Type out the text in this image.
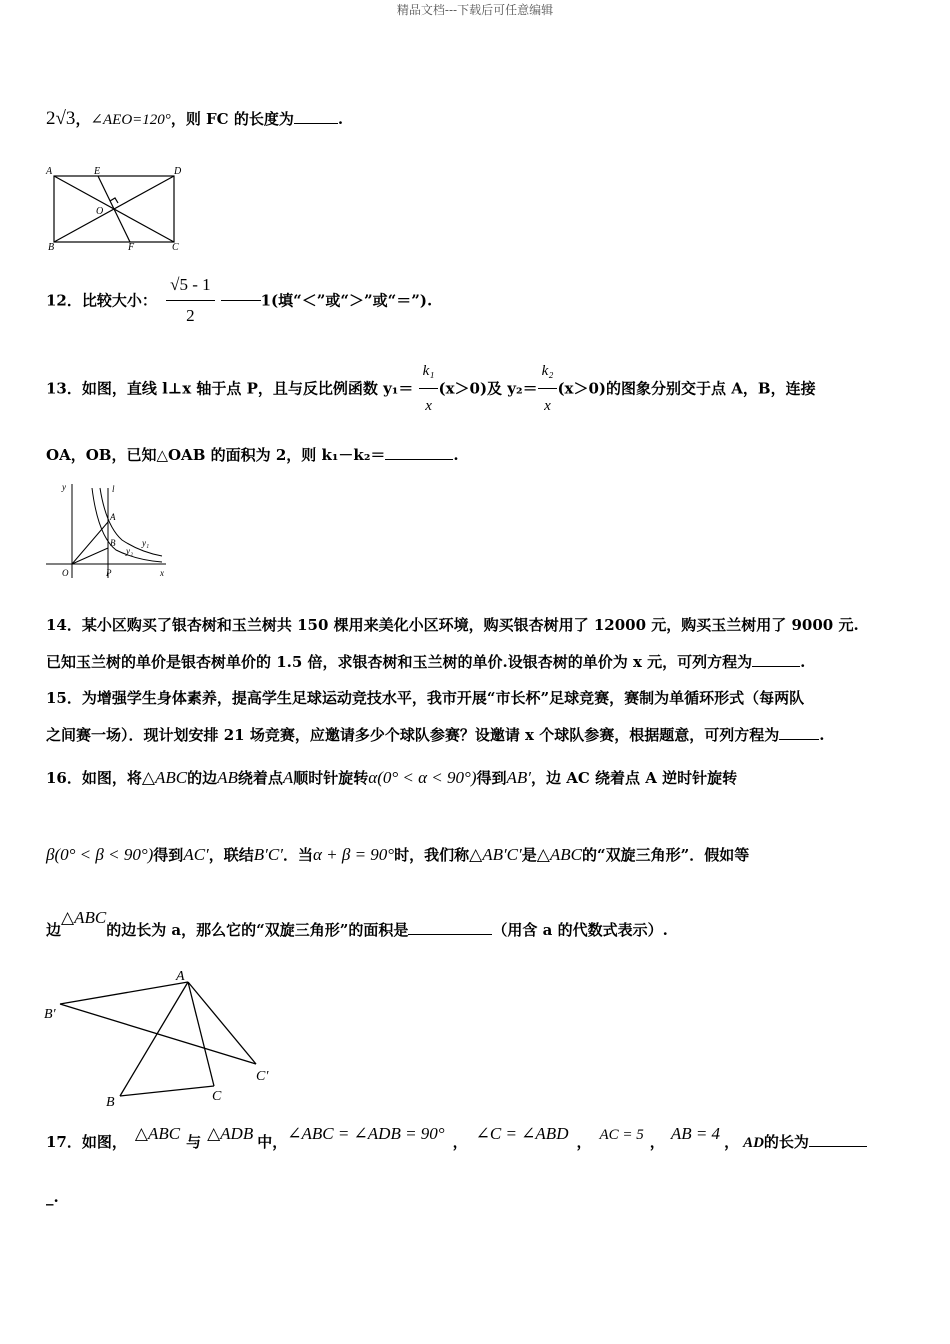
精品文档---下载后可任意编辑
2√3，∠AEO=120°，则 FC 的长度为	.
A	E	D
O
B	F	C
12．比较大小： $\frac{√5 - 1}{2}$	1(填“＜”或“＞”或“＝”).
13．如图，直线 l⊥x 轴于点 P，且与反比例函数 $y_1= \frac{\text{k₁}}{x} (x>0)$及 $y_2= \frac{\text{k₂}}{x} (x>0)$的图象分别交于点 A，B，连接
OA，OB，已知△OAB 的面积为 2，则 k₁－k₂＝	.
y	l
A
B	y₁
y₂
O	P	x
14．某小区购买了银杏树和玉兰树共 150 棵用来美化小区环境，购买银杏树用了 12000 元，购买玉兰树用了 9000 元.
已知玉兰树的单价是银杏树单价的 1.5 倍，求银杏树和玉兰树的单价.设银杏树的单价为 x 元，可列方程为	.
15．为增强学生身体素养，提高学生足球运动竞技水平，我市开展“市长杯”足球竞赛，赛制为单循环形式（每两队
之间赛一场）．现计划安排 21 场竞赛，应邀请多少个球队参赛？设邀请 x 个球队参赛，根据题意，可列方程为	.
16．如图，将△ABC的边AB绕着点A顺时针旋转α(0° < α < 90°)得到AB′，边 AC 绕着点 A 逆时针旋转
β(0° < β < 90°)得到AC′，联结B′C′．当α + β = 90°时，我们称△AB′C′是△ABC的“双旋三角形”．假如等
边△ABC的边长为 a，那么它的“双旋三角形”的面积是	（用含 a 的代数式表示）.
A
B′
C′
B	C
17．如图， △ABC 与 △ADB 中，∠ABC = ∠ADB = 90° ， ∠C = ∠ABD ， AC = 5 ， AB = 4 ， AD的长为
_.
